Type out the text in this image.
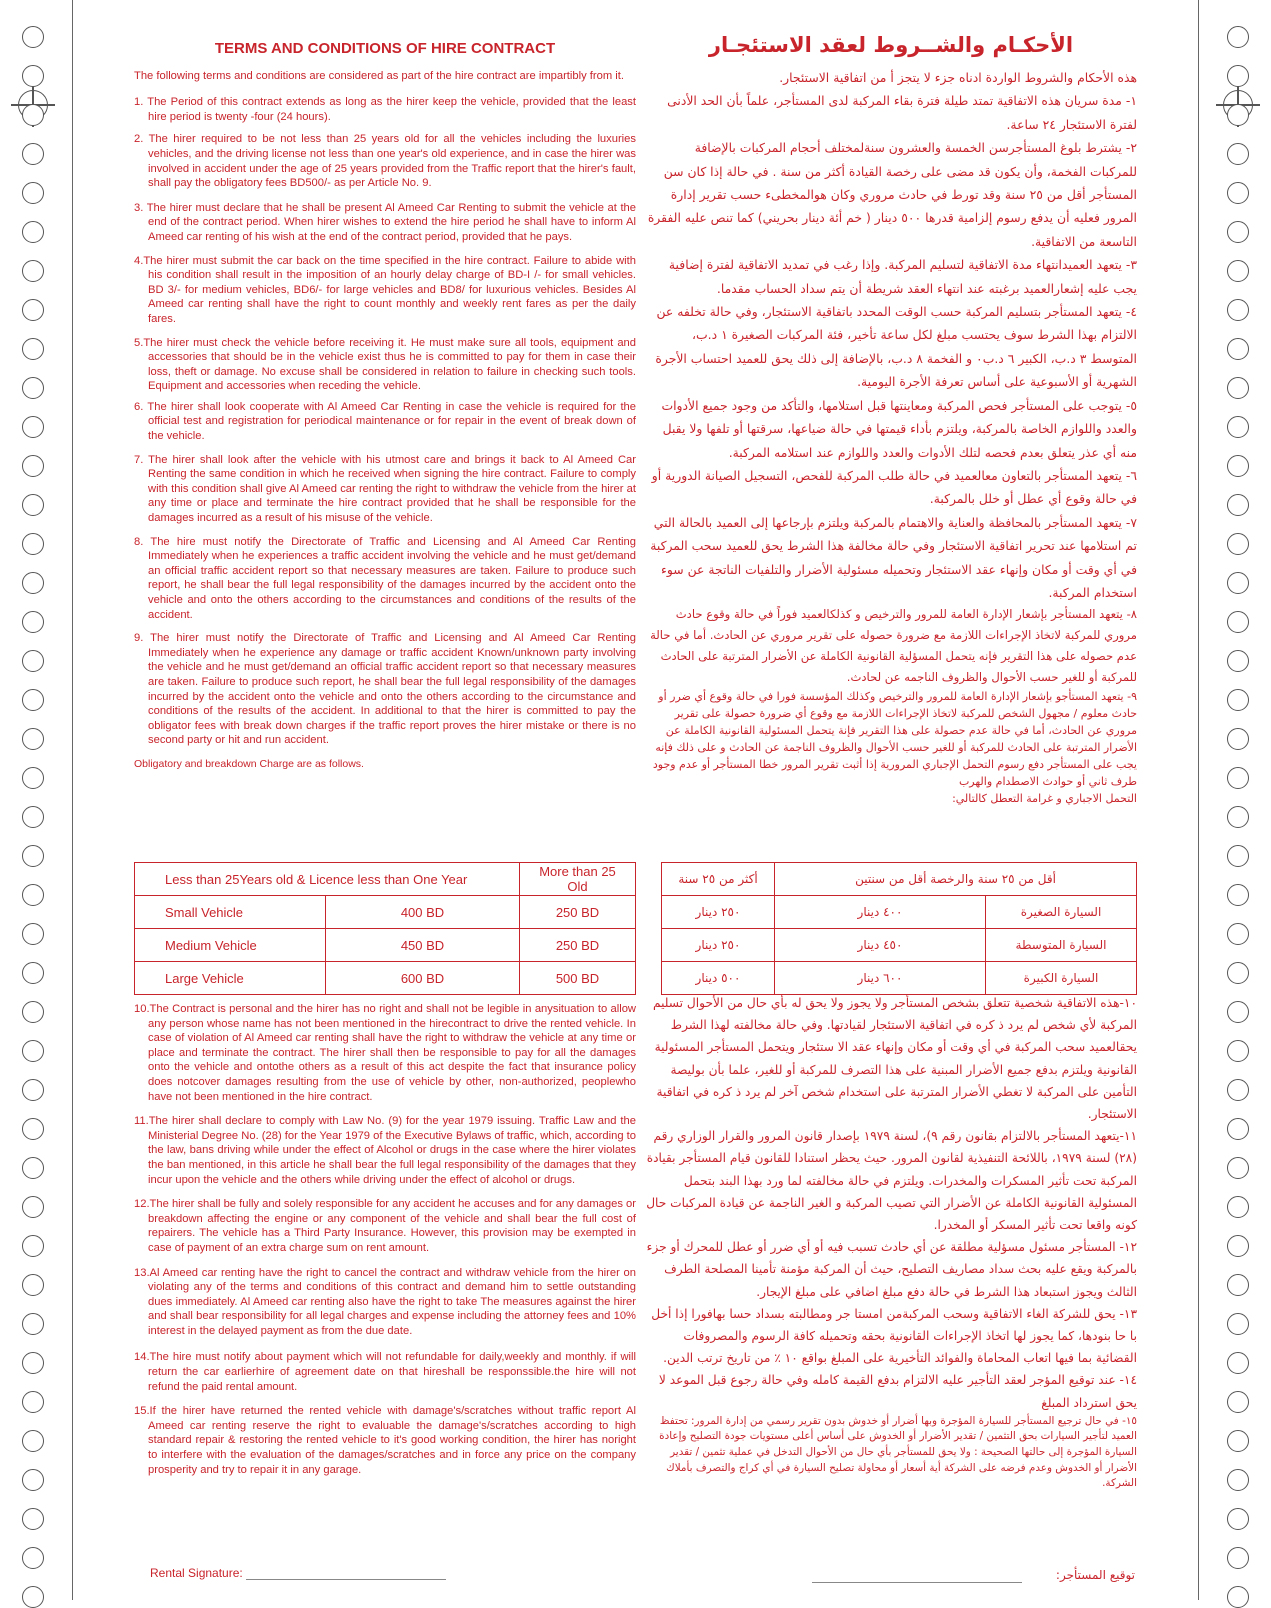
TERMS AND CONDITIONS OF HIRE CONTRACT

The following terms and conditions are considered as part of the hire contract are impartibly from it.

1. The Period of this contract extends as long as the hirer keep the vehicle, provided that the least hire period is twenty -four (24 hours).

2. The hirer required to be not less than 25 years old for all the vehicles including the luxuries vehicles, and the driving license not less than one year's old experience, and in case the hirer was involved in accident under the age of 25 years provided from the Traffic report that the hirer's fault, shall pay the obligatory fees BD500/- as per Article No. 9.

3. The hirer must declare that he shall be present Al Ameed Car Renting to submit the vehicle at the end of the contract period. When hirer wishes to extend the hire period he shall have to inform Al Ameed car renting of his wish at the end of the contract period, provided that he pays.

4.The hirer must submit the car back on the time specified in the hire contract. Failure to abide with his condition shall result in the imposition of an hourly delay charge of BD-I /- for small vehicles. BD 3/- for medium vehicles, BD6/- for large vehicles and BD8/ for luxurious vehicles. Besides Al Ameed car renting shall have the right to count monthly and weekly rent fares as per the daily fares.

5.The hirer must check the vehicle before receiving it. He must make sure all tools, equipment and accessories that should be in the vehicle exist thus he is committed to pay for them in case their loss, theft or damage. No excuse shall be considered in relation to failure in checking such tools. Equipment and accessories when receding the vehicle.

6. The hirer shall look cooperate with Al Ameed Car Renting in case the vehicle is required for the official test and registration for periodical maintenance or for repair in the event of break down of the vehicle.

7. The hirer shall look after the vehicle with his utmost care and brings it back to Al Ameed Car Renting the same condition in which he received when signing the hire contract. Failure to comply with this condition shall give Al Ameed car renting the right to withdraw the vehicle from the hirer at any time or place and terminate the hire contract provided that he shall be responsible for the damages incurred as a result of his misuse of the vehicle.

8. The hire must notify the Directorate of Traffic and Licensing and Al Ameed Car Renting Immediately when he experiences a traffic accident involving the vehicle and he must get/demand an official traffic accident report so that necessary measures are taken. Failure to produce such report, he shall bear the full legal responsibility of the damages incurred by the accident onto the vehicle and onto the others according to the circumstances and conditions of the results of the accident.

9. The hirer must notify the Directorate of Traffic and Licensing and Al Ameed Car Renting Immediately when he experience any damage or traffic accident Known/unknown party involving the vehicle and he must get/demand an official traffic accident report so that necessary measures are taken. Failure to produce such report, he shall bear the full legal responsibility of the damages incurred by the accident onto the vehicle and onto the others according to the circumstance and conditions of the results of the accident. In additional to that the hirer is committed to pay the obligator fees with break down charges if the traffic report proves the hirer mistake or there is no second party or hit and run accident.

Obligatory and breakdown Charge are as follows.

Less than 25Years old & Licence less than One Year		More than 25 Old
Small Vehicle	400 BD	250 BD
Medium Vehicle	450 BD	250 BD
Large Vehicle	600 BD	500 BD

10.The Contract is personal and the hirer has no right and shall not be legible in anysituation to allow any person whose name has not been mentioned in the hirecontract to drive the rented vehicle. In case of violation of Al Ameed car renting shall have the right to withdraw the vehicle at any time or place and terminate the contract. The hirer shall then be responsible to pay for all the damages onto the vehicle and ontothe others as a result of this act despite the fact that insurance policy does notcover damages resulting from the use of vehicle by other, non-authorized, peoplewho have not been mentioned in the hire contract.

11.The hirer shall declare to comply with Law No. (9) for the year 1979 issuing. Traffic Law and the Ministerial Degree No. (28) for the Year 1979 of the Executive Bylaws of traffic, which, according to the law, bans driving while under the effect of Alcohol or drugs in the case where the hirer violates the ban mentioned, in this article he shall bear the full legal responsibility of the damages that they incur upon the vehicle and the others while driving under the effect of alcohol or drugs.

12.The hirer shall be fully and solely responsible for any accident he accuses and for any damages or breakdown affecting the engine or any component of the vehicle and shall bear the full cost of repairers. The vehicle has a Third Party Insurance. However, this provision may be exempted in case of payment of an extra charge sum on rent amount.

13.Al Ameed car renting have the right to cancel the contract and withdraw vehicle from the hirer on violating any of the terms and conditions of this contract and demand him to settle outstanding dues immediately. Al Ameed car renting also have the right to take The measures against the hirer and shall bear responsibility for all legal charges and expense including the attorney fees and 10% interest in the delayed payment as from the due date.

14.The hire must notify about payment which will not refundable for daily,weekly and monthly. if will return the car earlierhire of agreement date on that hireshall be responssible.the hire will not refund the paid rental amount.

15.If the hirer have returned the rented vehicle with damage's/scratches without traffic report Al Ameed car renting reserve the right to evaluable the damage's/scratches according to high standard repair & restoring the rented vehicle to it's good working condition, the hirer has noright to interfere with the evaluation of the damages/scratches and in force any price on the company prosperity and try to repair it in any garage.

الأحكـام والشــروط لعقد الاستئجـار

هذه الأحكام والشروط الواردة ادناه جزء لا يتجز أ من اتفاقية الاستئجار.

١- مدة سريان هذه الاتفاقية تمتد طيلة فترة بقاء المركبة لدى المستأجر، علماً بأن الحد الأدنى لفترة الاستئجار ٢٤ ساعة.

٢- يشترط بلوغ المستأجرسن الخمسة والعشرون سنةلمختلف أحجام المركبات بالإضافة للمركبات الفخمة، وأن يكون قد مضى على رخصة القيادة أكثر من سنة . في حالة إذا كان سن المستأجر أقل من ٢٥ سنة وقد تورط في حادث مروري وكان هوالمخطىء حسب تقرير إدارة المرور فعليه أن يدفع رسوم إلزامية قدرها ٥٠٠ دينار ( خم أئة دينار بحريني) كما تنص عليه الفقرة التاسعة من الاتفاقية.

٣- يتعهد العميدانتهاء مدة الاتفاقية لتسليم المركبة. وإذا رغب في تمديد الاتفاقية لفترة إضافية يجب عليه إشعارالعميد برغبته عند انتهاء العقد شريطة أن يتم سداد الحساب مقدما.

٤- يتعهد المستأجر بتسليم المركبة حسب الوقت المحدد باتفاقية الاستئجار، وفي حالة تخلفه عن الالتزام بهذا الشرط سوف يحتسب مبلغ لكل ساعة تأخير، فئة المركبات الصغيرة ١ د.ب، المتوسط ٣ د.ب، الكبير ٦ د.ب٠ و الفخمة ٨ د.ب، بالإضافة إلى ذلك يحق للعميد احتساب الأجرة الشهرية أو الأسبوعية على أساس تعرفة الأجرة اليومية.

٥- يتوجب على المستأجر فحص المركبة ومعاينتها قبل استلامها، والتأكد من وجود جميع الأدوات والعدد واللوازم الخاصة بالمركبة، ويلتزم بأداء قيمتها في حالة ضياعها، سرقتها أو تلفها ولا يقبل منه أي عذر يتعلق بعدم فحصه لتلك الأدوات والعدد واللوازم عند استلامه المركبة.

٦- يتعهد المستأجر بالتعاون معالعميد في حالة طلب المركبة للفحص، التسجيل الصيانة الدورية أو في حالة وقوع أي عطل أو خلل بالمركبة.

٧- يتعهد المستأجر بالمحافظة والعناية والاهتمام بالمركبة ويلتزم بإرجاعها إلى العميد بالحالة التي تم استلامها عند تحرير اتفاقية الاستئجار وفي حالة مخالفة هذا الشرط يحق للعميد سحب المركبة في أي وقت أو مكان وإنهاء عقد الاستئجار وتحميله مسئولية الأضرار والتلفيات الناتجة عن سوء استخدام المركبة.

٨- يتعهد المستأجر بإشعار الإدارة العامة للمرور والترخيص و كذلكالعميد فوراً في حالة وقوع حادث مروري للمركبة لاتخاذ الإجراءات اللازمة مع ضرورة حصوله على تقرير مروري عن الحادث. أما في حالة عدم حصوله على هذا التقرير فإنه يتحمل المسؤلية القانونية الكاملة عن الأضرار المترتبة على الحادث للمركبة أو للغير حسب الأحوال والظروف الناجمه عن لحادث.

٩- يتعهد المستأجو بإشعار الإدارة العامة للمرور والترخيص وكذلك المؤسسة فورا في حالة وقوع أي ضرر أو حادث معلوم / مجهول الشخص للمركبة لاتخاذ الإجراءات اللازمة مع وقوع أي ضرورة حصولة على تقرير مروري عن الحادث، أما في حالة عدم حصولة على هذا التقرير فإنة يتحمل المسئولية القانونية الكاملة عن الأضرار المترتبة على الحادث للمركبة أو للغير حسب الأحوال والظروف الناجمة عن الحادث و على ذلك فإنه يجب على المستأجر دفع رسوم التحمل الإجباري المرورية إذا أثبت تقرير المرور خطا المستأجر أو عدم وجود طرف ثاني أو حوادث الاصطدام والهرب

التحمل الاجباري و غرامة التعطل كالتالي:

أقل من ٢٥ سنة والرخصة أقل من سنتين		أكثر من ٢٥ سنة
السيارة الصغيرة	٤٠٠ دينار	٢٥٠ دينار
السيارة المتوسطة	٤٥٠ دينار	٢٥٠ دينار
السيارة الكبيرة	٦٠٠ دينار	٥٠٠ دينار

١٠-هذه الاتفاقية شخصية تتعلق بشخص المستأجر ولا يجوز ولا يحق له بأي حال من الأحوال تسليم المركبة لأي شخص لم يرد ذ كره في اتفاقية الاستئجار لقيادتها. وفي حالة مخالفته لهذا الشرط يحقالعميد سحب المركبة في أي وقت أو مكان وإنهاء عقد الا ستئجار ويتحمل المستأجر المسئولية القانونية ويلتزم بدفع جميع الأضرار المبنية على هذا التصرف للمركبة أو للغير، علما بأن بوليصة التأمين على المركبة لا تغطي الأضرار المترتبة على استخدام شخص آخر لم يرد ذ كره في اتفاقية الاستئجار.

١١-يتعهد المستأجر بالالتزام بقانون رقم ٩)، لسنة ١٩٧٩ بإصدار قانون المرور والقرار الوزاري رقم (٢٨) لسنة ١٩٧٩، باللائحة التنفيذية لقانون المرور. حيث يحظر استنادا للقانون قيام المستأجر بقيادة المركبة تحت تأثير المسكرات والمخدرات. ويلتزم في حالة مخالفته لما ورد بهذا البند بتحمل المسئولية القانونية الكاملة عن الأضرار التي تصيب المركبة و الغير الناجمة عن قيادة المركبات حال كونه واقعا تحت تأثير المسكر أو المخدرا.

١٢- المستأجر مسئول مسؤلية مطلقة عن أي حادث تسبب فيه أو أي ضرر أو عطل للمحرك أو جزء بالمركبة ويقع عليه بحث سداد مصاريف التصليح، حيث أن المركبة مؤمنة تأمينا المصلحة الطرف الثالث ويجوز استبعاد هذا الشرط في حالة دفع مبلغ اضافي على مبلغ الإيجار.

١٣- يحق للشركة الغاء الاتفاقية وسحب المركبةمن امستا جر ومطالبته بسداد حسا بهافورا إذا أخل با حا بنودها، كما يجوز لها اتخاذ الإجراءات القانونية بحقه وتحميله كافة الرسوم والمصروفات القضائية بما فيها اتعاب المحاماة والفوائد التأخيرية على المبلغ بواقع ١٠ ٪ من تاريخ ترتب الدين.

١٤- عند توقيع المؤجر لعقد التأجير عليه الالتزام بدفع القيمة كامله وفي حالة رجوع قبل الموعد لا يحق استرداد المبلغ

١٥- في حال ترجيع المستأجر للسيارة المؤجرة وبها أضرار أو خدوش بدون تقرير رسمي من إدارة المرور: تحتفظ العميد لتأجير السيارات بحق التثمين / تقدير الأضرار أو الخدوش على أساس أعلى مستويات جودة التصليح وإعادة السيارة المؤجرة إلى حالتها الصحيحة : ولا يحق للمستأجر بأي حال من الأحوال التدخل في عملية تثمين / تقدير الأضرار أو الخدوش وعدم فرضه على الشركة أية أسعار أو محاولة تصليح السيارة في أي كراج والتصرف بأملاك الشركة.

Rental Signature:	توقيع المستأجر:
